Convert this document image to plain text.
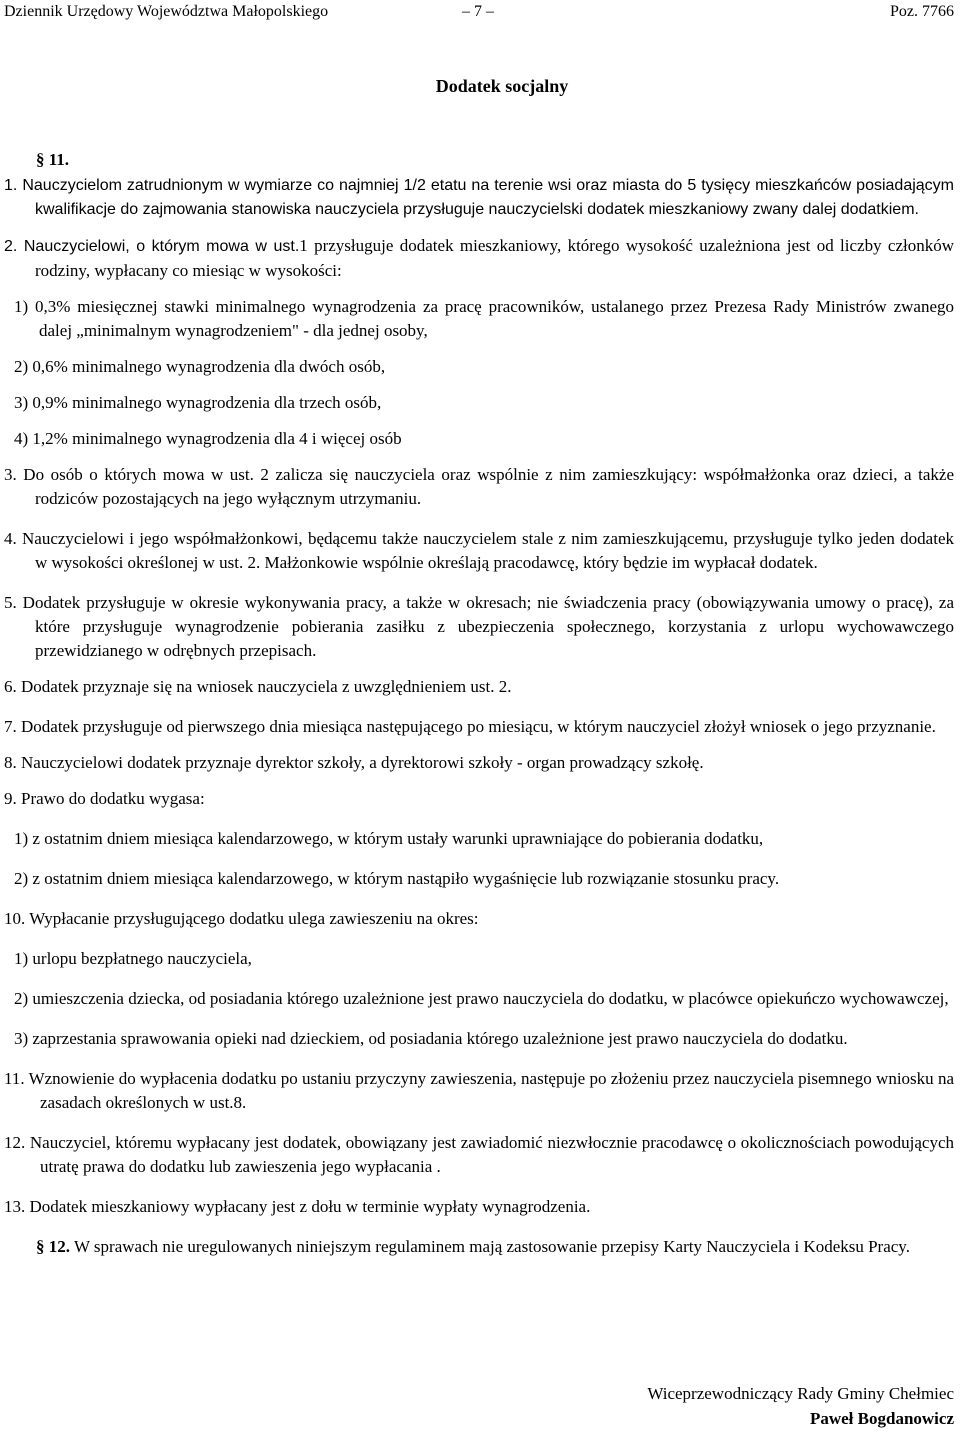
Dziennik Urzędowy Województwa Małopolskiego	– 7 –	Poz. 7766
Dodatek socjalny
§ 11.

1. Nauczycielom zatrudnionym w wymiarze co najmniej 1/2 etatu na terenie wsi oraz miasta do 5 tysięcy mieszkańców posiadającym kwalifikacje do zajmowania stanowiska nauczyciela przysługuje nauczycielski dodatek mieszkaniowy zwany dalej dodatkiem.

2. Nauczycielowi, o którym mowa w ust.1 przysługuje dodatek mieszkaniowy, którego wysokość uzależniona jest od liczby członków rodziny, wypłacany co miesiąc w wysokości:

1) 0,3% miesięcznej stawki minimalnego wynagrodzenia za pracę pracowników, ustalanego przez Prezesa Rady Ministrów zwanego dalej „minimalnym wynagrodzeniem" - dla jednej osoby,

2) 0,6% minimalnego wynagrodzenia dla dwóch osób,

3) 0,9% minimalnego wynagrodzenia dla trzech osób,

4) 1,2% minimalnego wynagrodzenia dla 4 i więcej osób

3. Do osób o których mowa w ust. 2 zalicza się nauczyciela oraz wspólnie z nim zamieszkujący: współmałżonka oraz dzieci, a także rodziców pozostających na jego wyłącznym utrzymaniu.

4. Nauczycielowi i jego współmałżonkowi, będącemu także nauczycielem stale z nim zamieszkującemu, przysługuje tylko jeden dodatek w wysokości określonej w ust. 2. Małżonkowie wspólnie określają pracodawcę, który będzie im wypłacał dodatek.

5. Dodatek przysługuje w okresie wykonywania pracy, a także w okresach; nie świadczenia pracy (obowiązywania umowy o pracę), za które przysługuje wynagrodzenie pobierania zasiłku z ubezpieczenia społecznego, korzystania z urlopu wychowawczego przewidzianego w odrębnych przepisach.

6. Dodatek przyznaje się na wniosek nauczyciela z uwzględnieniem ust. 2.

7. Dodatek przysługuje od pierwszego dnia miesiąca następującego po miesiącu, w którym nauczyciel złożył wniosek o jego przyznanie.

8. Nauczycielowi dodatek przyznaje dyrektor szkoły, a dyrektorowi szkoły - organ prowadzący szkołę.

9. Prawo do dodatku wygasa:

1) z ostatnim dniem miesiąca kalendarzowego, w którym ustały warunki uprawniające do pobierania dodatku,

2) z ostatnim dniem miesiąca kalendarzowego, w którym nastąpiło wygaśnięcie lub rozwiązanie stosunku pracy.

10. Wypłacanie przysługującego dodatku ulega zawieszeniu na okres:

1) urlopu bezpłatnego nauczyciela,

2) umieszczenia dziecka, od posiadania którego uzależnione jest prawo nauczyciela do dodatku, w placówce opiekuńczo wychowawczej,

3) zaprzestania sprawowania opieki nad dzieckiem, od posiadania którego uzależnione jest prawo nauczyciela do dodatku.

11. Wznowienie do wypłacenia dodatku po ustaniu przyczyny zawieszenia, następuje po złożeniu przez nauczyciela pisemnego wniosku na zasadach określonych w ust.8.

12. Nauczyciel, któremu wypłacany jest dodatek, obowiązany jest zawiadomić niezwłocznie pracodawcę o okolicznościach powodujących utratę prawa do dodatku lub zawieszenia jego wypłacania .

13. Dodatek mieszkaniowy wypłacany jest z dołu w terminie wypłaty wynagrodzenia.

§ 12. W sprawach nie uregulowanych niniejszym regulaminem mają zastosowanie przepisy Karty Nauczyciela i Kodeksu Pracy.

Wiceprzewodniczący Rady Gminy Chełmiec
Paweł Bogdanowicz
